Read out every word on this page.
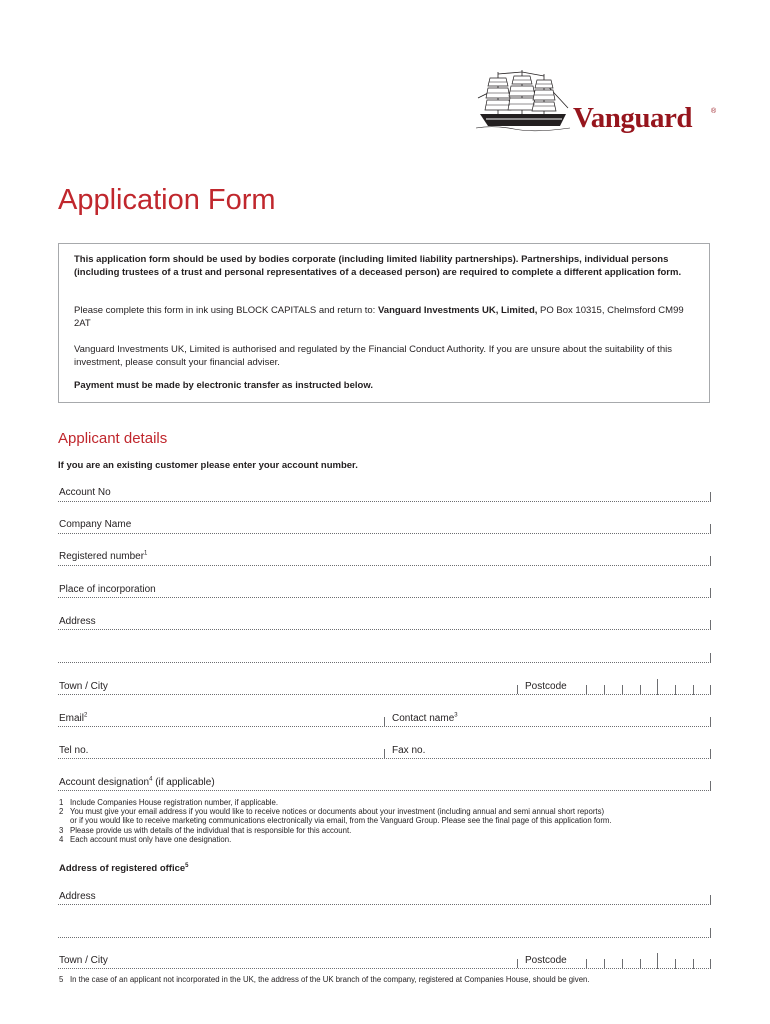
Vanguard	®
Application Form

This application form should be used by bodies corporate (including limited liability partnerships). Partnerships, individual persons (including trustees of a trust and personal representatives of a deceased person) are required to complete a different application form.

Please complete this form in ink using BLOCK CAPITALS and return to: Vanguard Investments UK, Limited, PO Box 10315, Chelmsford CM99 2AT

Vanguard Investments UK, Limited is authorised and regulated by the Financial Conduct Authority. If you are unsure about the suitability of this investment, please consult your financial adviser.

Payment must be made by electronic transfer as instructed below.

Applicant details
If you are an existing customer please enter your account number.
Account No
Company Name
Registered number$^1$
Place of incorporation
Address
Town / City	Postcode
Email$^2$	Contact name$^3$
Tel no.	Fax no.
Account designation$^4$ (if applicable)
1 Include Companies House registration number, if applicable.
2 You must give your email address if you would like to receive notices or documents about your investment (including annual and semi annual short reports)
or if you would like to receive marketing communications electronically via email, from the Vanguard Group. Please see the final page of this application form.
3 Please provide us with details of the individual that is responsible for this account.
4 Each account must only have one designation.
Address of registered office$^5$
Address
Town / City	Postcode
5 In the case of an applicant not incorporated in the UK, the address of the UK branch of the company, registered at Companies House, should be given.
